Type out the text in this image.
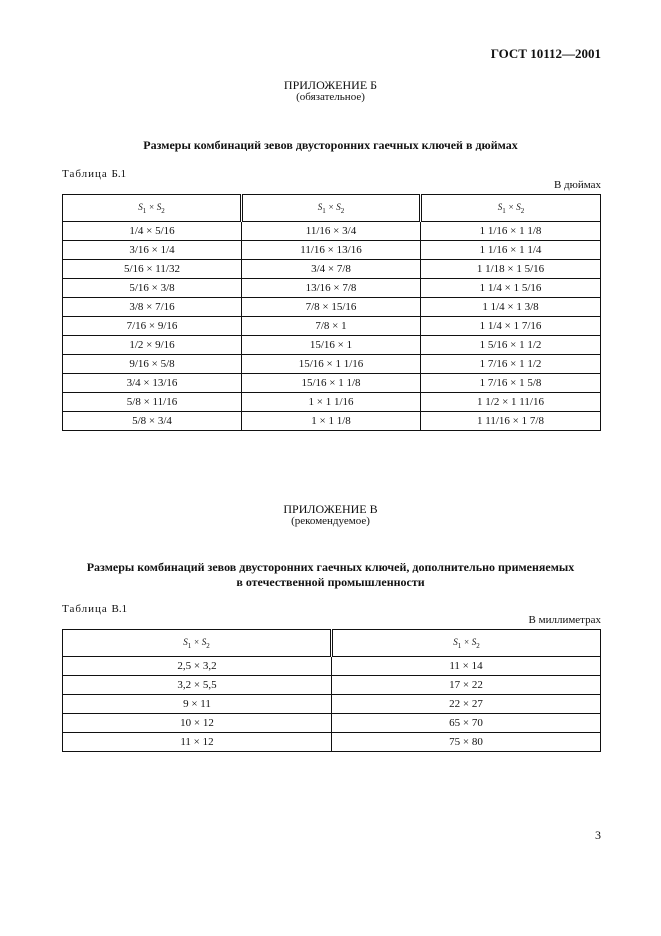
ГОСТ 10112—2001
ПРИЛОЖЕНИЕ Б
(обязательное)
Размеры комбинаций зевов двусторонних гаечных ключей в дюймах
Таблица Б.1
В дюймах
$S_1 \times S_2$	$S_1 \times S_2$	$S_1 \times S_2$
1/4 × 5/16	11/16 × 3/4	1 1/16 × 1 1/8
3/16 × 1/4	11/16 × 13/16	1 1/16 × 1 1/4
5/16 × 11/32	3/4 × 7/8	1 1/18 × 1 5/16
5/16 × 3/8	13/16 × 7/8	1 1/4 × 1 5/16
3/8 × 7/16	7/8 × 15/16	1 1/4 × 1 3/8
7/16 × 9/16	7/8 × 1	1 1/4 × 1 7/16
1/2 × 9/16	15/16 × 1	1 5/16 × 1 1/2
9/16 × 5/8	15/16 × 1 1/16	1 7/16 × 1 1/2
3/4 × 13/16	15/16 × 1 1/8	1 7/16 × 1 5/8
5/8 × 11/16	1 × 1 1/16	1 1/2 × 1 11/16
5/8 × 3/4	1 × 1 1/8	1 11/16 × 1 7/8
ПРИЛОЖЕНИЕ В
(рекомендуемое)
Размеры комбинаций зевов двусторонних гаечных ключей, дополнительно применяемых
в отечественной промышленности
Таблица В.1
В миллиметрах
$S_1 \times S_2$	$S_1 \times S_2$
2,5 × 3,2	11 × 14
3,2 × 5,5	17 × 22
9 × 11	22 × 27
10 × 12	65 × 70
11 × 12	75 × 80
3
